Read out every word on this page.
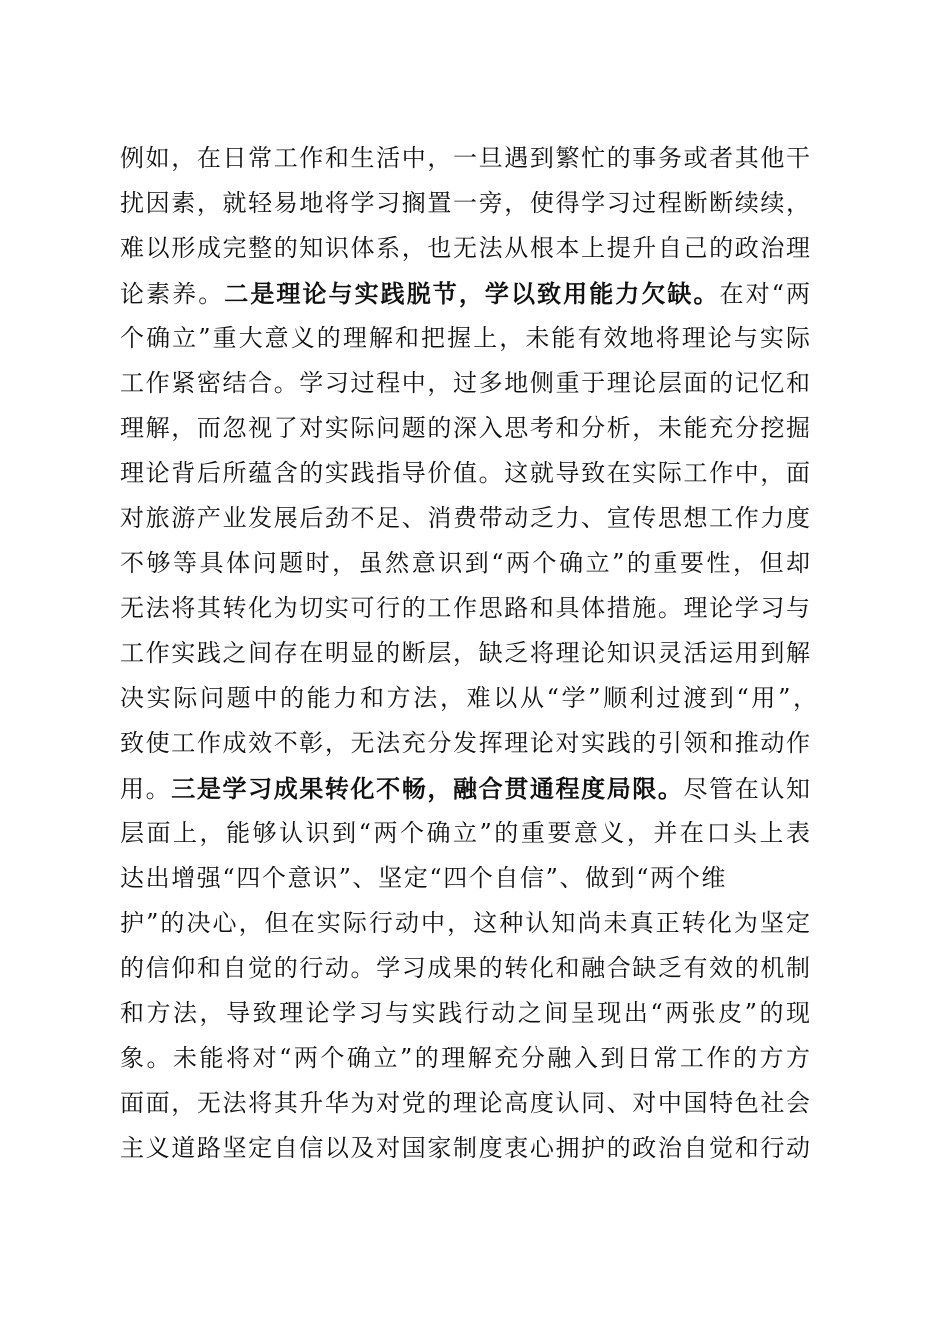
例如，在日常工作和生活中，一旦遇到繁忙的事务或者其他干
扰因素，就轻易地将学习搁置一旁，使得学习过程断断续续，
难以形成完整的知识体系，也无法从根本上提升自己的政治理
论素养。二是理论与实践脱节，学以致用能力欠缺。在对“两
个确立”重大意义的理解和把握上，未能有效地将理论与实际
工作紧密结合。学习过程中，过多地侧重于理论层面的记忆和
理解，而忽视了对实际问题的深入思考和分析，未能充分挖掘
理论背后所蕴含的实践指导价值。这就导致在实际工作中，面
对旅游产业发展后劲不足、消费带动乏力、宣传思想工作力度
不够等具体问题时，虽然意识到“两个确立”的重要性，但却
无法将其转化为切实可行的工作思路和具体措施。理论学习与
工作实践之间存在明显的断层，缺乏将理论知识灵活运用到解
决实际问题中的能力和方法，难以从“学”顺利过渡到“用”，
致使工作成效不彰，无法充分发挥理论对实践的引领和推动作
用。三是学习成果转化不畅，融合贯通程度局限。尽管在认知
层面上，能够认识到“两个确立”的重要意义，并在口头上表
达出增强“四个意识”、坚定“四个自信”、做到“两个维
护”的决心，但在实际行动中，这种认知尚未真正转化为坚定
的信仰和自觉的行动。学习成果的转化和融合缺乏有效的机制
和方法，导致理论学习与实践行动之间呈现出“两张皮”的现
象。未能将对“两个确立”的理解充分融入到日常工作的方方
面面，无法将其升华为对党的理论高度认同、对中国特色社会
主义道路坚定自信以及对国家制度衷心拥护的政治自觉和行动
